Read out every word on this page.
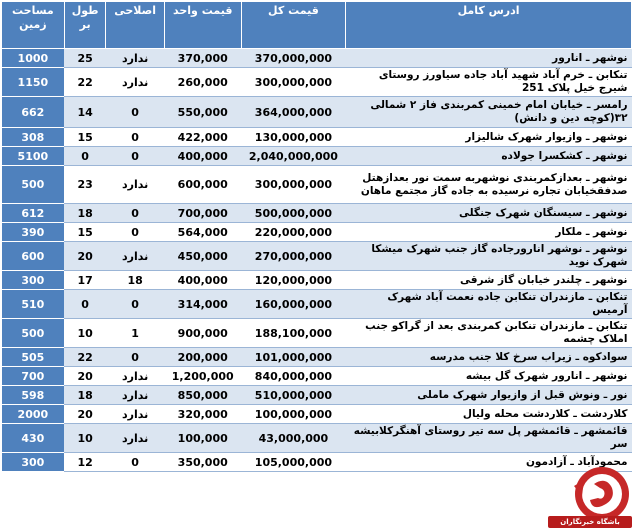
ادرس کامل	قیمت کل	قیمت واحد	اصلاحی	طول بر	مساحت زمین
نوشهر ـ انارور	370,000,000	370,000	ندارد	25	1000
تنکابن ـ خرم آباد شهید آباد جاده سیاورز روستای شیرج خیل پلاک 251	300,000,000	260,000	ندارد	22	1150
رامسر ـ خیابان امام خمینی کمربندی فاز ۲ شمالی ۳۲(کوچه دین و دانش)	364,000,000	550,000	0	14	662
نوشهر ـ وازیوار شهرک شالیزار	130,000,000	422,000	0	15	308
نوشهر ـ کشکسرا جولاده	2,040,000,000	400,000	0	0	5100
نوشهر ـ بعدازکمربندی نوشهربه سمت نور بعدازهتل صدفقخیابان تجاره نرسیده به جاده گاز مجتمع ماهان	300,000,000	600,000	ندارد	23	500
نوشهر ـ سیسنگان شهرک جنگلی	500,000,000	700,000	0	18	612
نوشهر ـ ملکار	220,000,000	564,000	0	15	390
نوشهر ـ نوشهر انارورجاده گاز جنب شهرک میشکا شهرک نوید	270,000,000	450,000	ندارد	20	600
نوشهر ـ چلندر خیابان گاز شرقی	120,000,000	400,000	18	17	300
تنکابن ـ مازندران تنکابن جاده نعمت آباد شهرک آرمیس	160,000,000	314,000	0	0	510
تنکابن ـ مازندران تنکابن کمربندی بعد از گراکو جنب املاک چشمه	188,100,000	900,000	1	10	500
سوادکوه ـ زیراب سرخ کلا جنب مدرسه	101,000,000	200,000	0	22	505
نوشهر ـ انارور شهرک گل بیشه	840,000,000	1,200,000	ندارد	20	700
نور ـ ونوش قبل از وازیوار شهرک ماملی	510,000,000	850,000	ندارد	18	598
کلاردشت ـ کلاردشت محله ولیال	100,000,000	320,000	ندارد	20	2000
قائمشهر ـ قائمشهر پل سه تیر روستای آهنگرکلابیشه سر	43,000,000	100,000	ندارد	10	430
محمودآباد ـ آزادمون	105,000,000	350,000	0	12	300
باشگاه خبرنگاران
